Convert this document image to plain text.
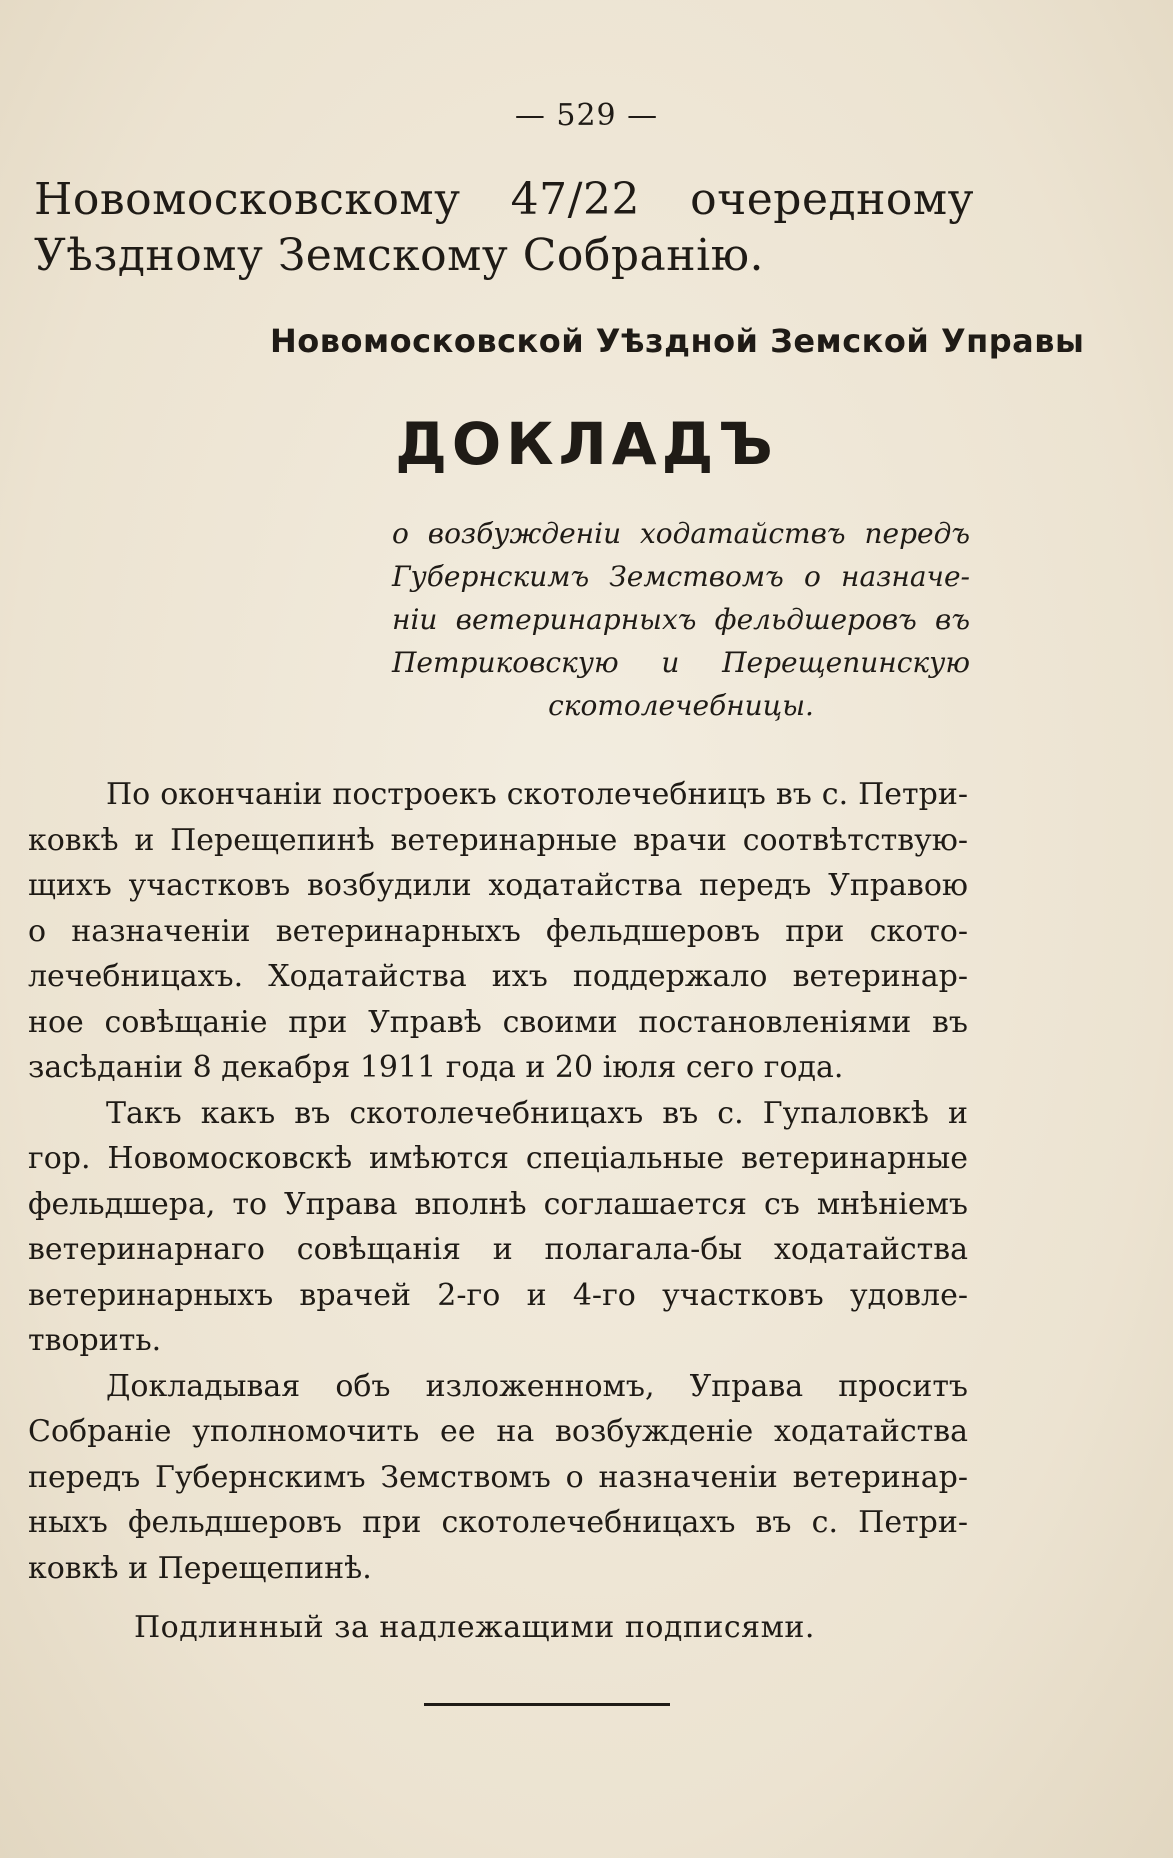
— 529 —
Новомосковскому 47/22 очередному Уѣздному Земскому Собранію.
Новомосковской Уѣздной Земской Управы
ДОКЛАДЪ
о возбужденіи ходатайствъ передъ
Губернскимъ Земствомъ о назначе-
ніи ветеринарныхъ фельдшеровъ въ
Петриковскую и Перещепинскую
скотолечебницы.
По окончаніи построекъ скотолечебницъ въ с. Петри-
ковкѣ и Перещепинѣ ветеринарные врачи соотвѣтствую-
щихъ участковъ возбудили ходатайства передъ Управою
о назначеніи ветеринарныхъ фельдшеровъ при ското-
лечебницахъ. Ходатайства ихъ поддержало ветеринар-
ное совѣщаніе при Управѣ своими постановленіями въ
засѣданіи 8 декабря 1911 года и 20 іюля сего года.
Такъ какъ въ скотолечебницахъ въ с. Гупаловкѣ и
гор. Новомосковскѣ имѣются спеціальные ветеринарные
фельдшера, то Управа вполнѣ соглашается съ мнѣніемъ
ветеринарнаго совѣщанія и полагала-бы ходатайства
ветеринарныхъ врачей 2-го и 4-го участковъ удовле-
творить.
Докладывая объ изложенномъ, Управа проситъ
Собраніе уполномочить ее на возбужденіе ходатайства
передъ Губернскимъ Земствомъ о назначеніи ветеринар-
ныхъ фельдшеровъ при скотолечебницахъ въ с. Петри-
ковкѣ и Перещепинѣ.
Подлинный за надлежащими подписями.
